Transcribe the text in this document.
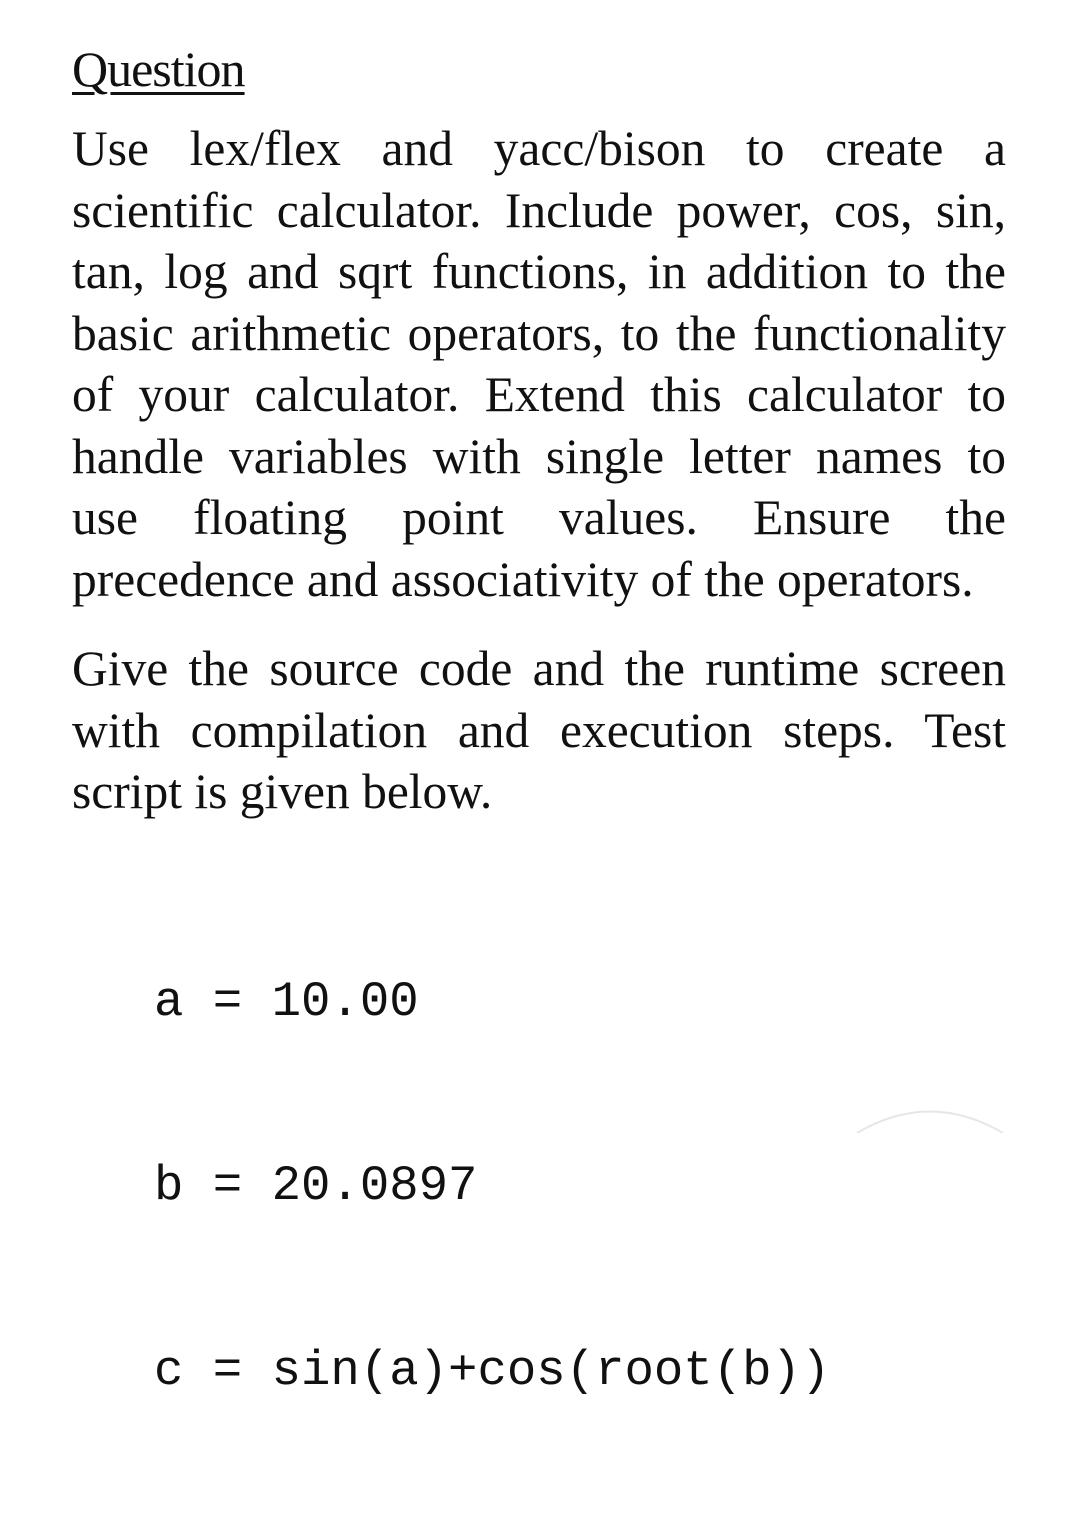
Question

Use lex/flex and yacc/bison to create a scientific calculator. Include power, cos, sin, tan, log and sqrt functions, in addition to the basic arithmetic operators, to the functionality of your calculator. Extend this calculator to handle variables with single letter names to use floating point values. Ensure the precedence and associativity of the operators.

Give the source code and the runtime screen with compilation and execution steps. Test script is given below.

a = 10.00

b = 20.0897

c = sin(a)+cos(root(b))
